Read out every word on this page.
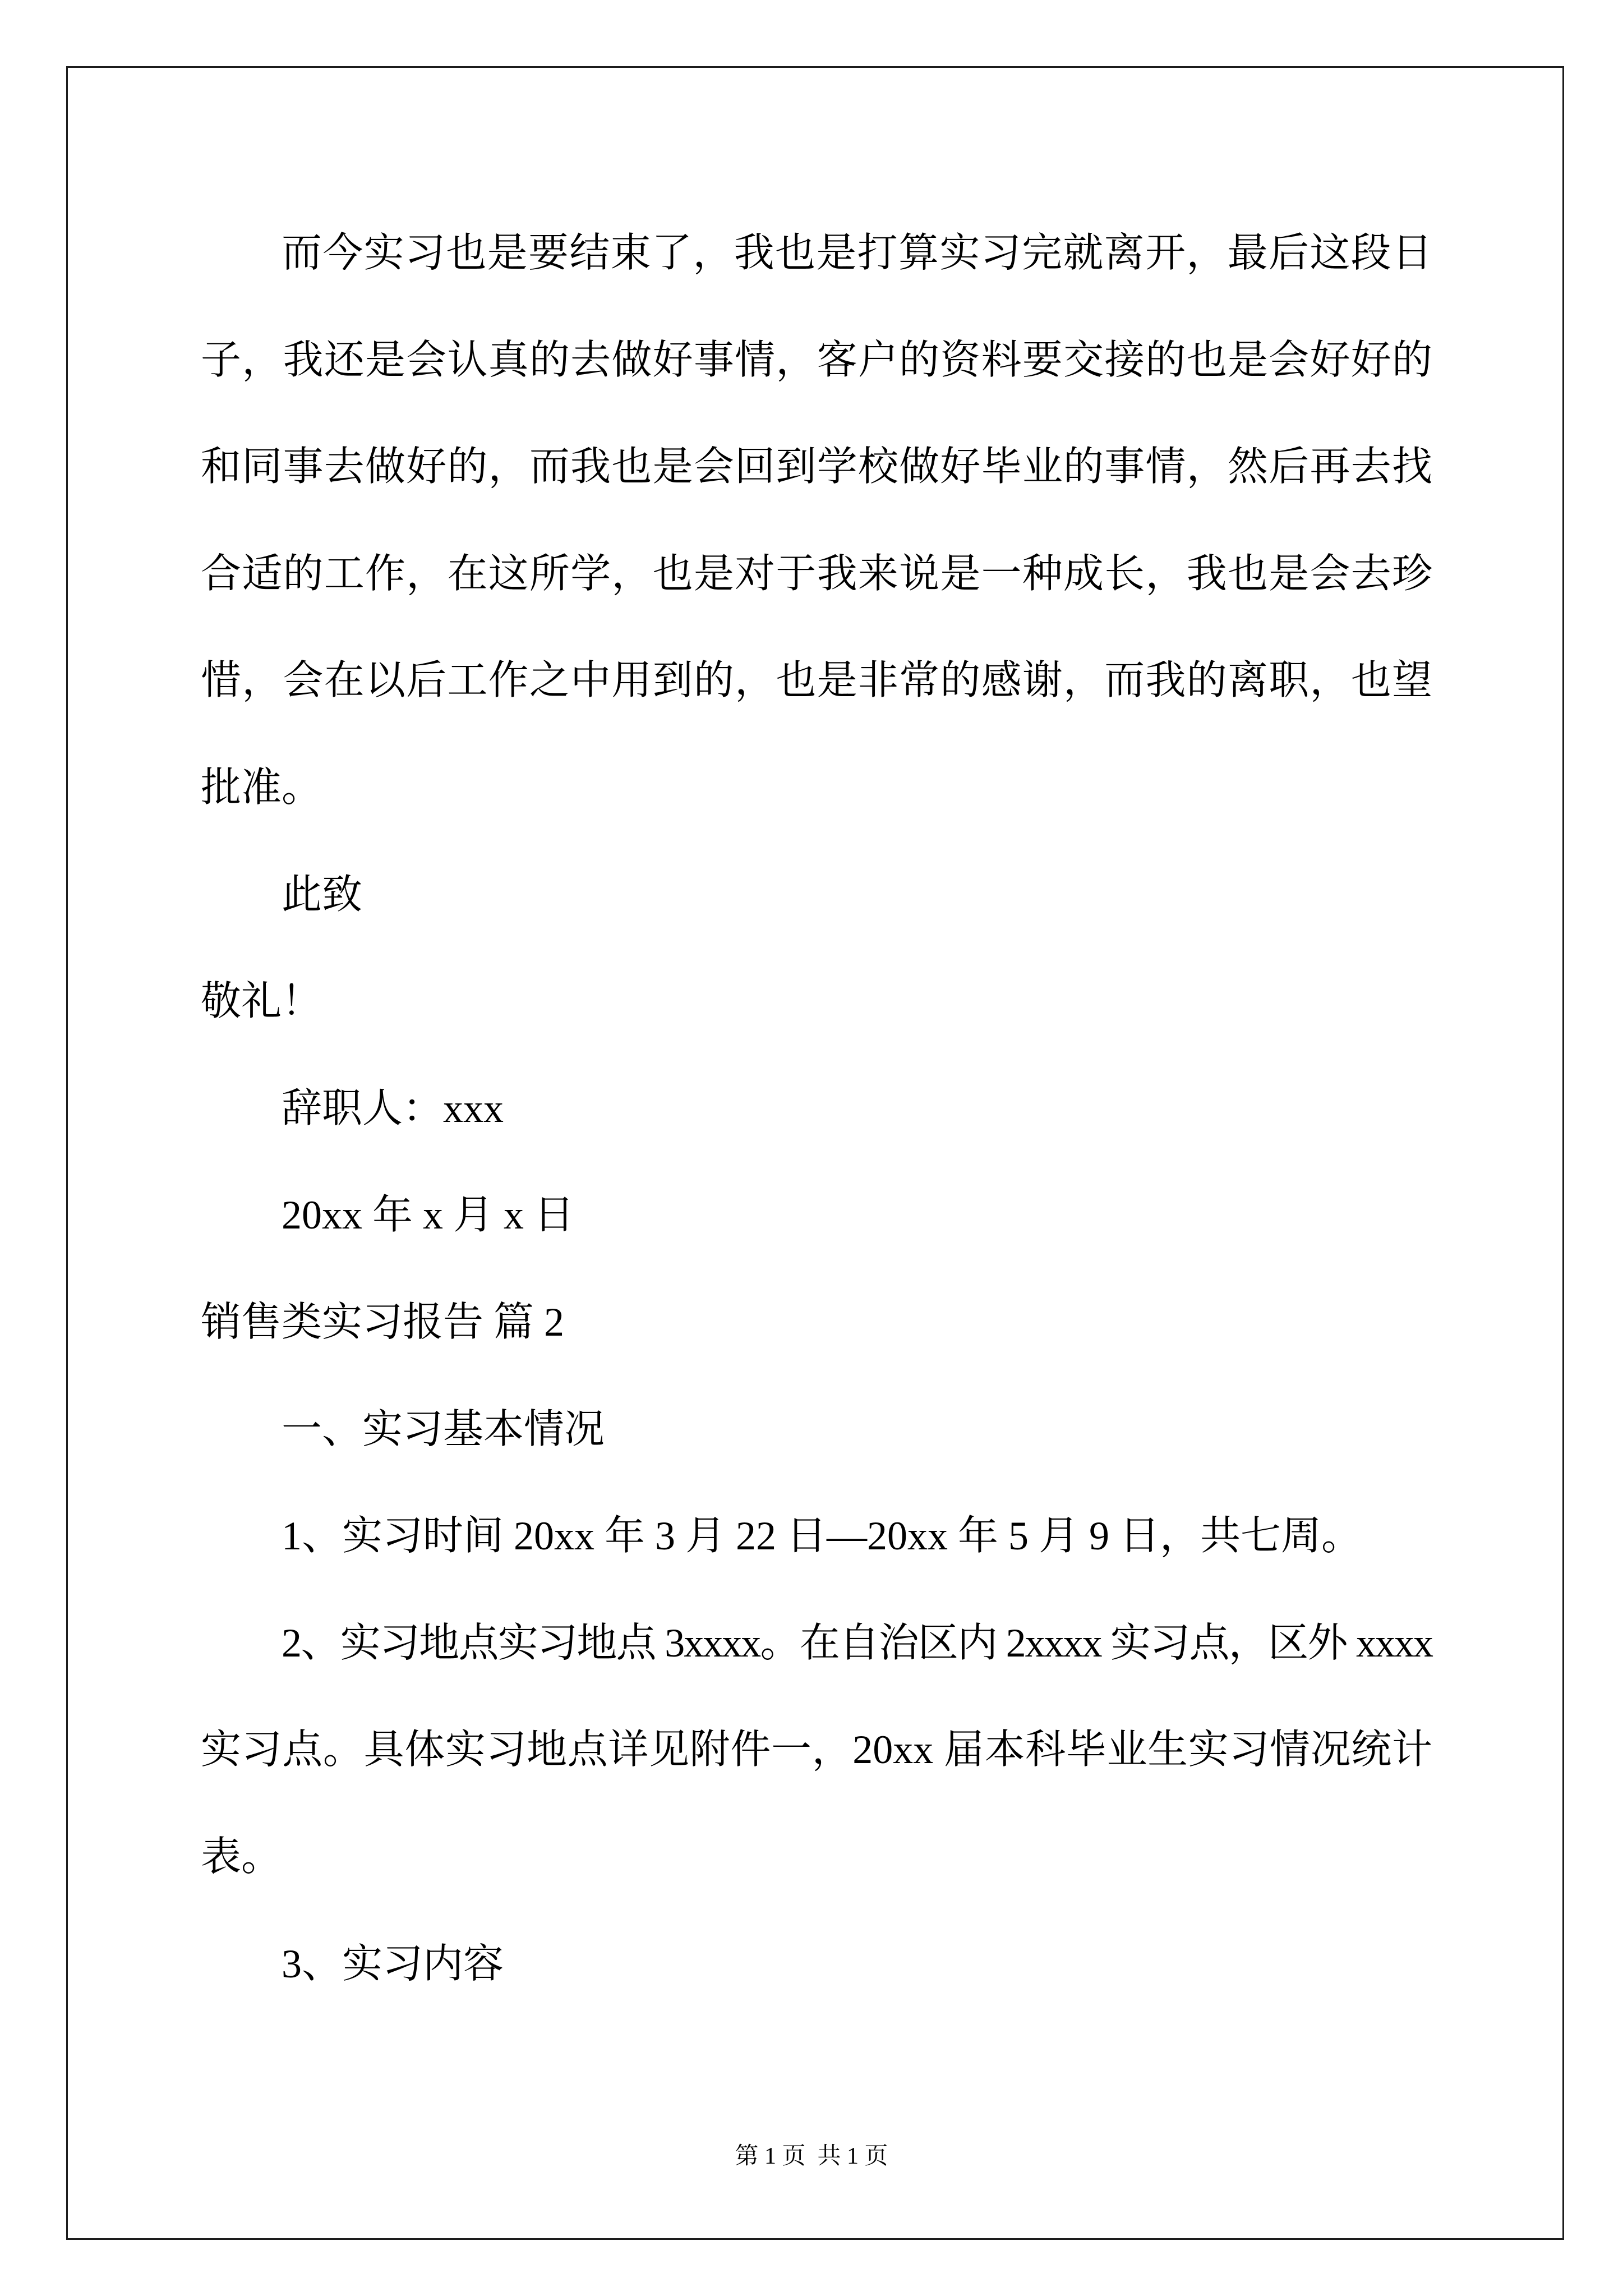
而今实习也是要结束了，我也是打算实习完就离开，最后这段日
子，我还是会认真的去做好事情，客户的资料要交接的也是会好好的
和同事去做好的，而我也是会回到学校做好毕业的事情，然后再去找
合适的工作，在这所学，也是对于我来说是一种成长，我也是会去珍
惜，会在以后工作之中用到的，也是非常的感谢，而我的离职，也望
批准。
此致
敬礼！
辞职人：xxx
20xx 年 x 月 x 日
销售类实习报告 篇 2
一、实习基本情况
1、实习时间 20xx 年 3 月 22 日—20xx 年 5 月 9 日，共七周。
2、实习地点实习地点 3xxxx。在自治区内 2xxxx 实习点，区外 xxxx
实习点。具体实习地点详见附件一，20xx 届本科毕业生实习情况统计
表。
3、实习内容
第 1 页  共 1 页
